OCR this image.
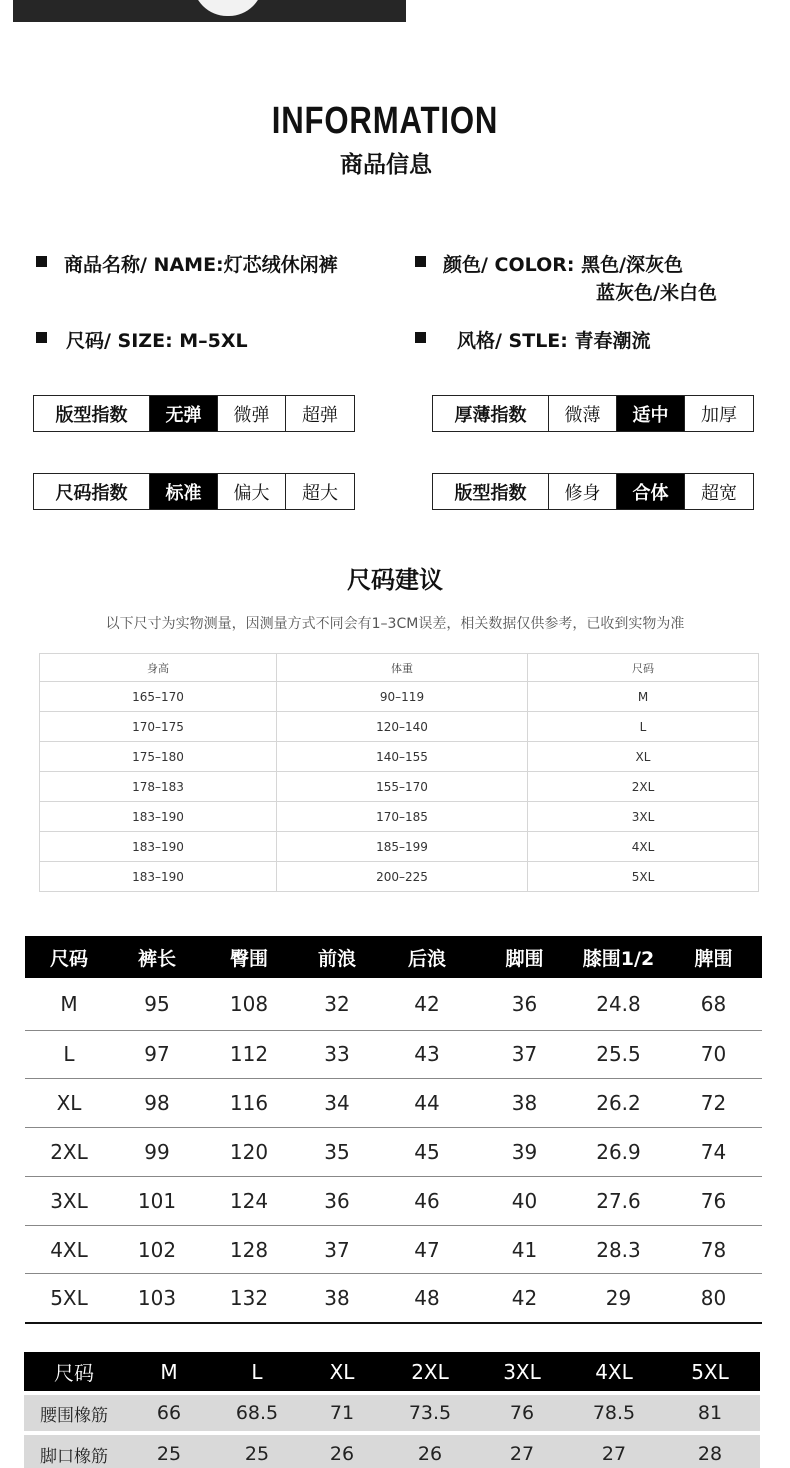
INFORMATION
商品信息
商品名称/ NAME:灯芯绒休闲裤	颜色/ COLOR: 黑色/深灰色
蓝灰色/米白色
尺码/ SIZE: M–5XL	风格/ STLE: 青春潮流
版型指数	无弹	微弹	超弹	厚薄指数	微薄	适中	加厚
尺码指数	标准	偏大	超大	版型指数	修身	合体	超宽
尺码建议
以下尺寸为实物测量，因测量方式不同会有1–3CM误差，相关数据仅供参考，已收到实物为准
身高	体重	尺码
165–170	90–119	M
170–175	120–140	L
175–180	140–155	XL
178–183	155–170	2XL
183–190	170–185	3XL
183–190	185–199	4XL
183–190	200–225	5XL
尺码	裤长	臀围	前浪	后浪	脚围	膝围1/2	脾围
M	95	108	32	42	36	24.8	68
L	97	112	33	43	37	25.5	70
XL	98	116	34	44	38	26.2	72
2XL	99	120	35	45	39	26.9	74
3XL	101	124	36	46	40	27.6	76
4XL	102	128	37	47	41	28.3	78
5XL	103	132	38	48	42	29	80
尺码	M	L	XL	2XL	3XL	4XL	5XL
腰围橡筋	66	68.5	71	73.5	76	78.5	81
脚口橡筋	25	25	26	26	27	27	28
